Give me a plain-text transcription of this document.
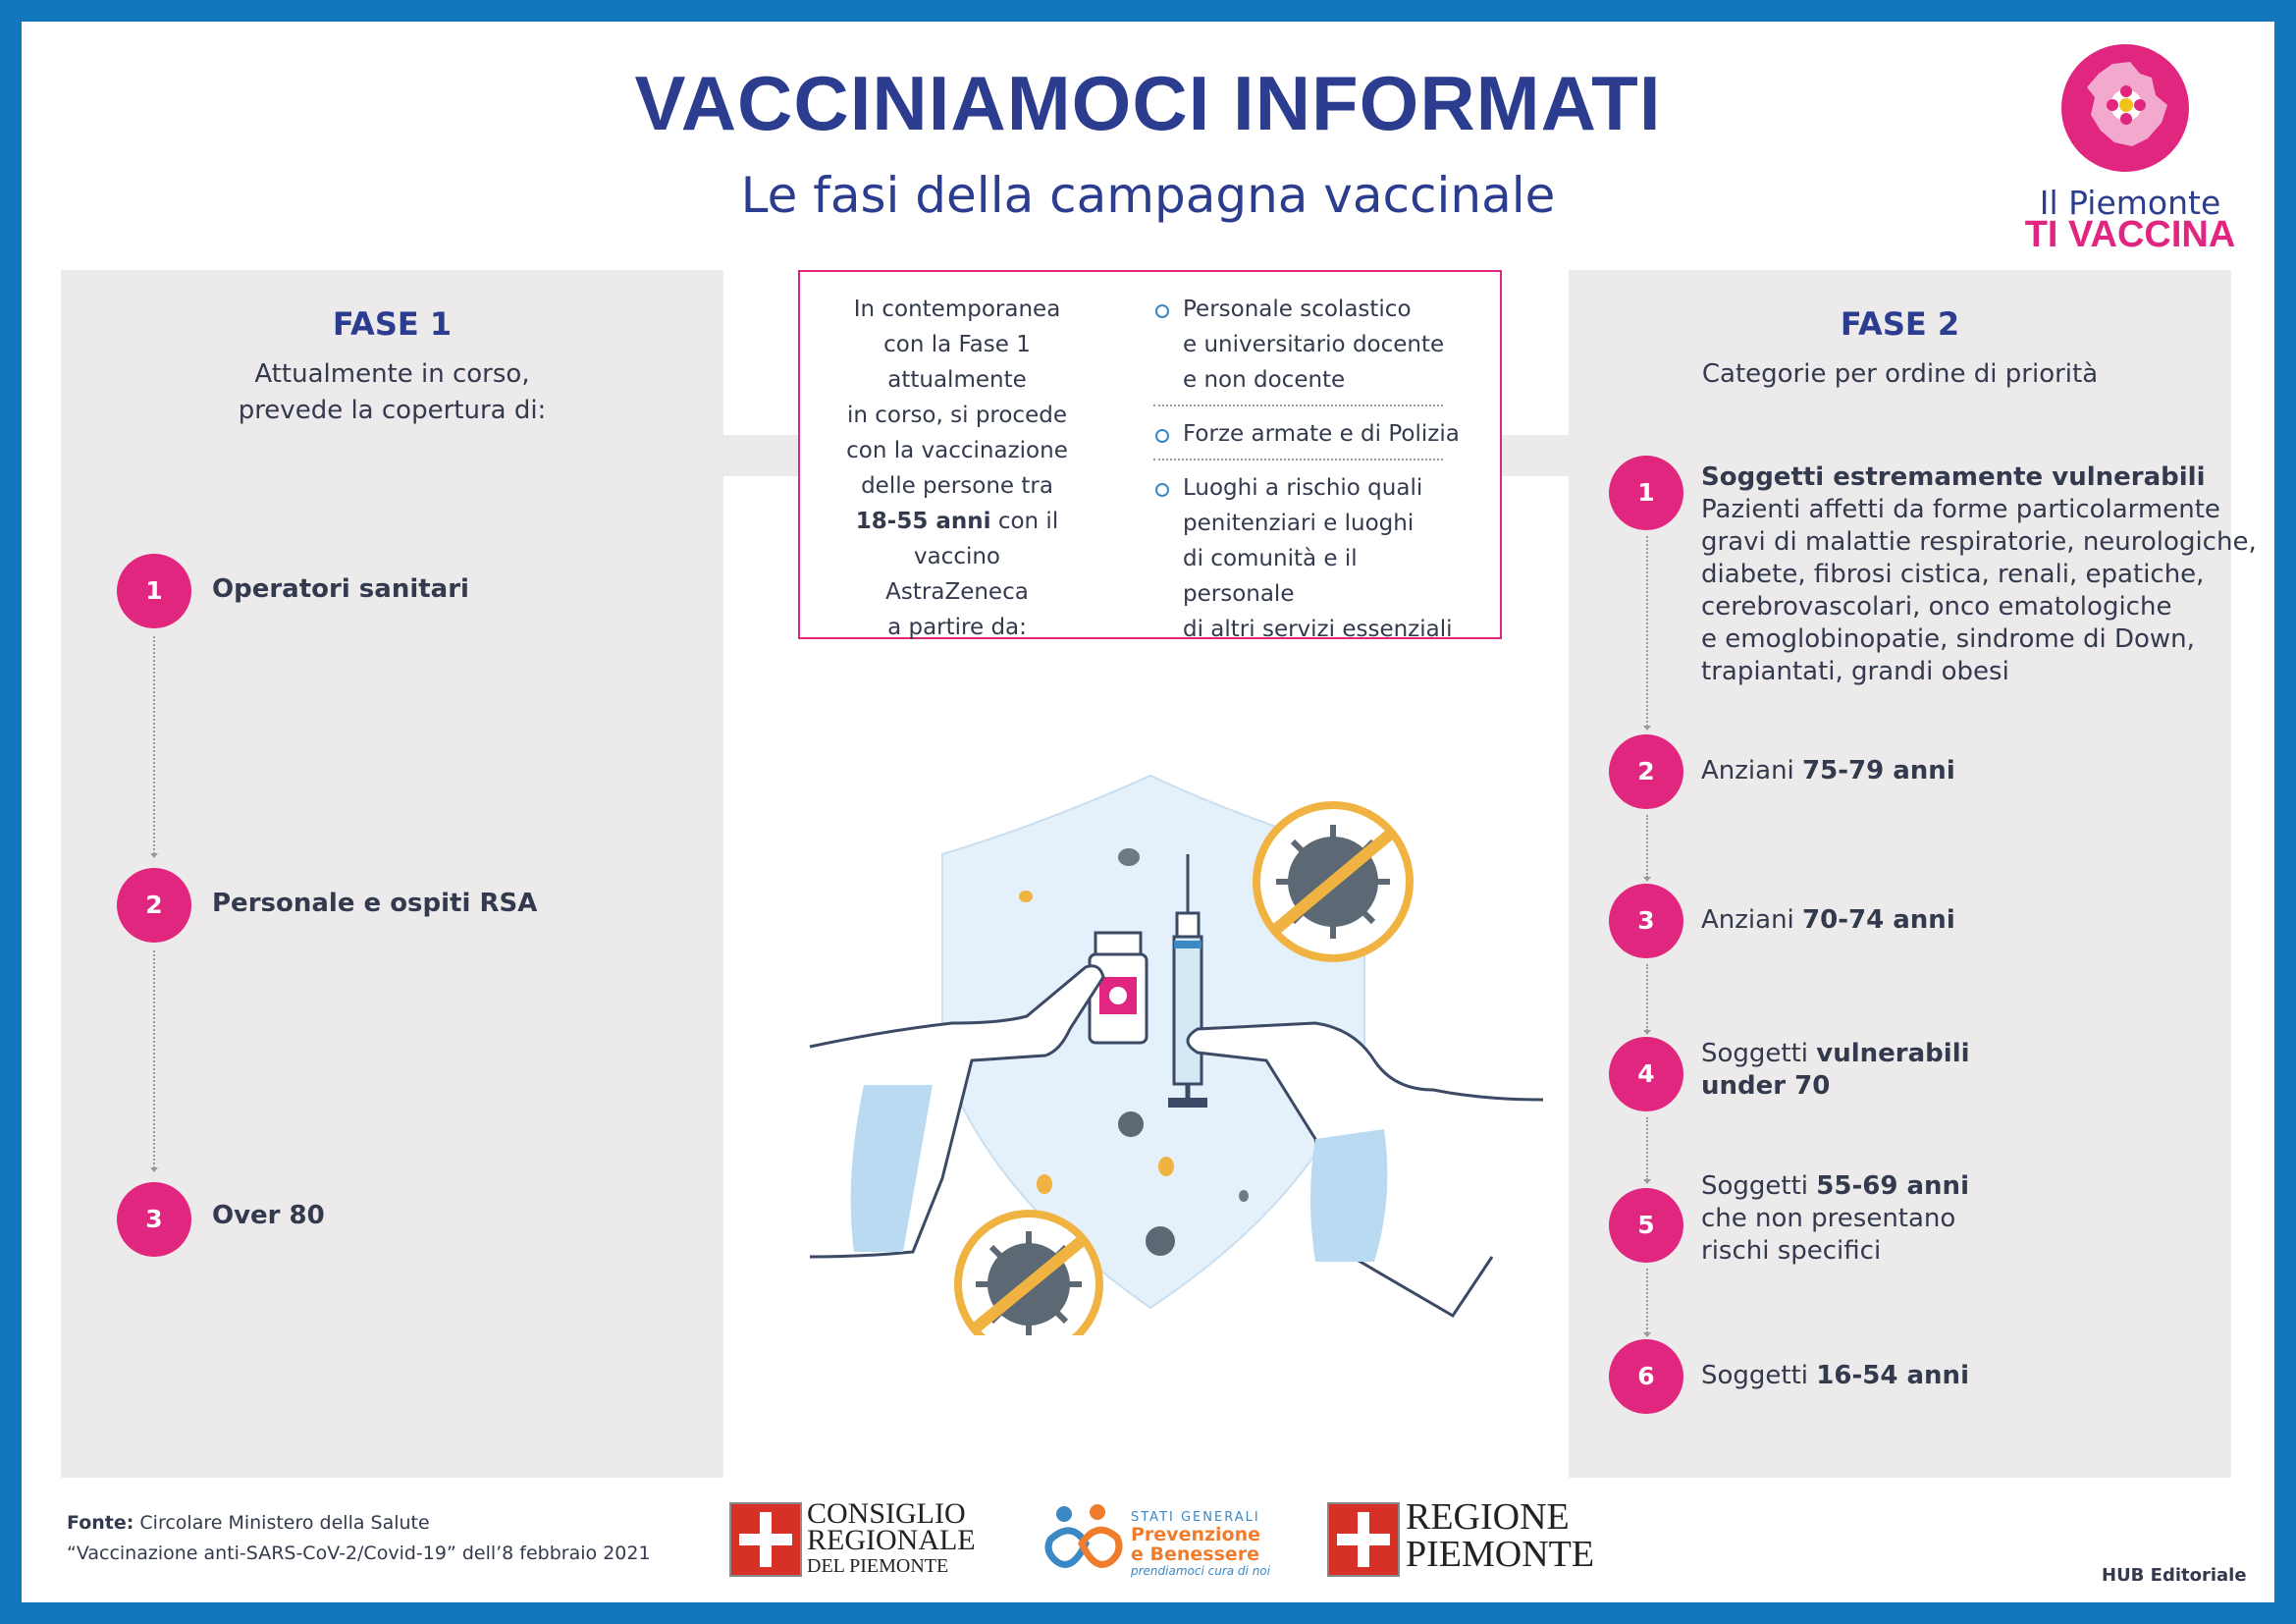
VACCINIAMOCI INFORMATI
Le fasi della campagna vaccinale	Il Piemonte
TI VACCINA
FASE 1
Attualmente in corso,
prevede la copertura di:
1	Operatori sanitari
2	Personale e ospiti RSA
3	Over 80
In contemporanea
con la Fase 1 attualmente
in corso, si procede
con la vaccinazione
delle persone tra
18-55 anni con il
vaccino AstraZeneca
a partire da:
Personale scolastico
e universitario docente
e non docente
Forze armate e di Polizia
Luoghi a rischio quali
penitenziari e luoghi
di comunità e il personale
di altri servizi essenziali
FASE 2
Categorie per ordine di priorità
1
Soggetti estremamente vulnerabili
Pazienti affetti da forme particolarmente
gravi di malattie respiratorie, neurologiche,
diabete, fibrosi cistica, renali, epatiche,
cerebrovascolari, onco ematologiche
e emoglobinopatie, sindrome di Down,
trapiantati, grandi obesi
2	Anziani 75-79 anni
3	Anziani 70-74 anni
4
Soggetti vulnerabili
under 70
5
Soggetti 55-69 anni
che non presentano
rischi specifici
6	Soggetti 16-54 anni
Fonte: Circolare Ministero della Salute
“Vaccinazione anti-SARS-CoV-2/Covid-19” dell’8 febbraio 2021
CONSIGLIO
REGIONALE
DEL PIEMONTE
STATI GENERALI
Prevenzione
e Benessere
prendiamoci cura di noi
REGIONE
PIEMONTE
HUB Editoriale
